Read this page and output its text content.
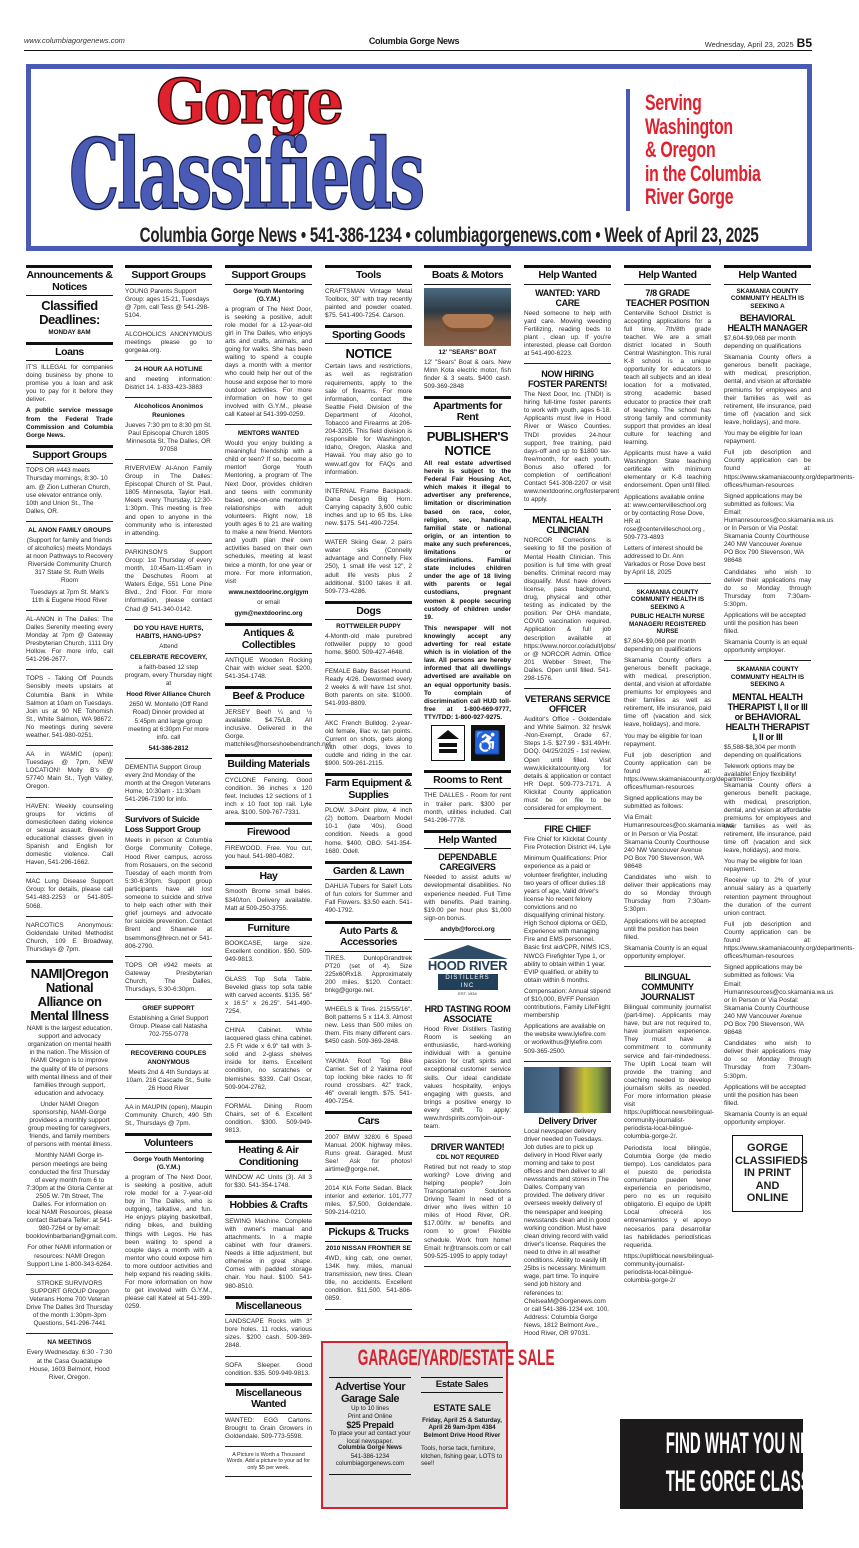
www.columbiagorgenews.com	Columbia Gorge News	Wednesday, April 23, 2025 B5
Gorge
Classifieds
Serving
Washington
& Oregon
in the Columbia
River Gorge
Columbia Gorge News • 541-386-1234 • columbiagorgenews.com • Week of April 23, 2025
Announcements & Notices
Classified Deadlines:
MONDAY 8AM
Loans
IT'S ILLEGAL for companies doing business by phone to promise you a loan and ask you to pay for it before they deliver.
A public service message from the Federal Trade Commission and Columbia Gorge News.
Support Groups
TOPS OR #443 meets Thursday mornings, 8:30- 10 am. @ Zion Lutheran Church, use elevator entrance only. 10th and Union St., The Dalles, OR.
AL ANON FAMILY GROUPS
(Support for family and friends of alcoholics) meets Mondays at noon Pathways to Recovery Riverside Community Church 317 State St. Ruth Wells Room
Tuesdays at 7pm St. Mark's 11th & Eugene Hood River
AL-ANON in The Dalles: The Dalles Serenity meeting every Monday at 7pm @ Gateway Presbyterian Church, 1111 Dry Hollow. For more info, call 541-296-2677.
TOPS - Taking Off Pounds Sensibly meets upstairs at Columbia Bank in White Salmon at 10am on Tuesdays. Join us at 90 NE Tohomish St., White Salmon, WA 98672. No meetings during severe weather. 541-980-0251.
AA in WAMIC (open): Tuesdays @ 7pm, NEW LOCATION! Molly B's @ 57740 Main St., Tygh Valley, Oregon.
HAVEN: Weekly counseling groups for victims of domestic/teen dating violence or sexual assault. Biweekly educational classes given in Spanish and English for domestic violence. Call Haven, 541-296-1662.
MAC Lung Disease Support Group: for details, please call 541-483-2253 or 541-805-5068.
NARCOTICS Anonymous: Goldendale United Methodist Church, 109 E Broadway, Thursdays @ 7pm.
NAMI|Oregon National Alliance on Mental Illness
NAMI is the largest education, support and advocacy organization on mental health in the nation. The Mission of NAMI Oregon is to improve the quality of life of persons with mental illness and of their famillies through support, education and advocacy.
Under NAMI Oregon sponsorship, NAMI-Gorge providees a monthly support group meeting for caregivers, friends, and family members of persons with mental illness.
Monthly NAMI Gorge in-person meetings are being conducted the first Thursday of every month from 6 to 7:30pm at the Gloria Center at 2505 W. 7th Street, The Dalles. For information on local NAMI Resources, please contact Barbara Telfer: at 541-980-7264 or by email: booklovinbarbarian@gmail.com.
For other NAMI information or resources: NAMI Oregon Support Line 1-800-343-6264.
STROKE SURVIVORS SUPPORT GROUP Oregon Veterans Home 700 Veteran Drive The Dalles 3rd Thursday of the month 1:30pm-3pm Questions, 541-296-7441
NA MEETINGS
Every Wednesday. 6:30 - 7:30 at the Casa Guadalupe House, 1603 Belmont, Hood River, Oregon.
Support Groups
YOUNG Parents Support Group: ages 15-21, Tuesdays @ 7pm, call Tess @ 541-298-5104.
ALCOHOLICS ANONYMOUS meetings please go to gorgeaa.org.
24 HOUR AA HOTLINE
and meeting information: District 14. 1-833-423-3883
Alcoholicos Anonimos Reuniones
Jueves 7:30 pm to 8:30 pm St. Paul Episcopal Church 1805 Minnesota St. The Dalles, OR 97058
RIVERVIEW Al-Anon Family Group in The Dalles: Episcopal Church of St. Paul, 1805 Minnesota, Taylor Hall. Meets every Thursday, 12:30-1:30pm. This meeting is free and open to anyone in the community who is interested in attending.
PARKINSON'S Support Group: 1st Thursday of every month, 10:45am-11:45am in the Deschutes Room at Waters Edge, 551 Lone Pine Blvd., 2nd Floor. For more information, please contact Chad @ 541-340-0142.
DO YOU HAVE HURTS, HABITS, HANG-UPS?
Attend
CELEBRATE RECOVERY,
a faith-based 12 step program, every Thursday night at
Hood River Alliance Church
2650 W. Montello (Off Rand Road) Dinner provided at 5:45pm and large group meeting at 6:30pm For more info. call
541-386-2812
DEMENTIA Support Group every 2nd Monday of the month at the Oregon Veterans Home, 10:30am - 11:30am 541-296-7190 for info.
Survivors of Suicide Loss Support Group
Meets in person at Columbia Gorge Community College, Hood River campus, across from Rosauers, on the second Tuesday of each month from 5:30-6:30pm. Support group participants have all lost someone to suicide and strive to help each other with their grief journeys and advocate for suicide prevention. Contact Brent and Shawnee at bsemmons@hrecn.net or 541-806-2790.
TOPS OR #942 meets at Gateway Presbyterian Church, The Dalles, Thursdays, 5:30-6:30pm.
GRIEF SUPPORT
Establishing a Grief Support Group. Please call Natasha 702-755-0778
RECOVERING COUPLES ANONYMOUS
Meets 2nd & 4th Sundays at 10am. 216 Cascade St., Suite 26 Hood River
AA in MAUPIN (open), Maupin Community Church, 490 5th St., Thursdays @ 7pm.
Volunteers
Gorge Youth Mentoring (G.Y.M.)
a program of The Next Door, is seeking a positive, adult role model for a 7-year-old boy in The Dalles, who is outgoing, talkative, and fun. He enjoys playing basketball, riding bikes, and building things with Legos. He has been waiting to spend a couple days a month with a mentor who could expose him to more outdoor activities and help expand his reading skills. For more information on how to get involved with G.Y.M., please call Kateel at 541-399-0259.
Support Groups
Gorge Youth Mentoring (G.Y.M.)
a program of The Next Door, is seeking a positive, adult role model for a 12-year-old girl in The Dalles, who enjoys arts and crafts, animals, and going for walks. She has been waiting to spend a couple days a month with a mentor who could help her out of the house and expose her to more outdoor activities. For more information on how to get involved with G.Y.M., please call Kateel at 541-399-0259.
MENTORS WANTED
Would you enjoy building a meaningful friendship with a child or teen? If so, become a mentor! Gorge Youth Mentoring, a program of The Next Door, provides children and teens with community based, one-on-one mentoring relationships with adult volunteers. Right now, 18 youth ages 6 to 21 are waiting to make a new friend. Mentors and youth plan their own activities based on their own schedules, meeting at least twice a month, for one year or more. For more information, visit
www.nextdoorinc.org/gym
or email
gym@nextdoorinc.org
Antiques & Collectibles
ANTIQUE Wooden Rocking Chair with wicker seat. $200. 541-354-1748.
Beef & Produce
JERSEY Beef! ¼ and ½ available. $4.75/LB. All inclusive. Delivered in the Gorge. mattchiles@horseshoebendranch.net
Building Materials
CYCLONE Fencing. Good condition. 36 inches x 120 feet. Includes 12 sections of 1 inch x 10 foot top rail. Lyle area. $100. 509-767-7331.
Firewood
FIREWOOD. Free. You cut, you haul. 541-980-4082.
Hay
Smooth Brome small bales. $340/ton. Delivery available. Matt at 509-250-3755.
Furniture
BOOKCASE, large size. Excellent condition. $50. 509-949-9813.
GLASS Top Sofa Table. Beveled glass top sofa table with carved accents. $135. 56" x 16.5" x 26.25". 541-490-7254.
CHINA Cabinet. White lacquered glass china cabinet. 2.5 Ft wide x 6.9" tall with 3-solid and 2-glass shelves inside for items. Excellent condition, no scratches or blemishes. $339. Call Oscar, 509-904-2762.
FORMAL Dining Room Chairs, set of 6. Excellent condition. $300. 509-949-9813.
Heating & Air Conditioning
WINDOW AC Units (3). All 3 for $30. 541-354-1748.
Hobbies & Crafts
SEWING Machine. Complete with owner's manual and attachments. In a maple cabinet with four drawers. Needs a little adjustment, but otherwise in great shape. Comes with padded storage chair. You haul. $100. 541-980-8510.
Miscellaneous
LANDSCAPE Rocks with 3" bore holes. 11 rocks, various sizes. $200 cash. 509-369-2848.
SOFA Sleeper. Good condition. $35. 509-949-9813.
Miscellaneous Wanted
WANTED: EGG Cartons. Brought to Grain Growers in Goldendale. 509-773-5598.
A Picture is Worth a Thousand Words. Add a picture to your ad for only $5 per week.
Tools
CRAFTSMAN Vintage Metal Toolbox, 30" with tray recently painted and powder coated. $75. 541-490-7254. Carson.
Sporting Goods
NOTICE
Certain laws and restrictions, as well as registration requirements, apply to the sale of firearms. For more information, contact the Seattle Field Division of the Department of Alcohol, Tobacco and Firearms at 206-204-3205. This field division is responsible for Washington, Idaho, Oregon, Alaska and Hawaii. You may also go to www.atf.gov for FAQs and information.
INTERNAL Frame Backpack. Dana Design Big Horn. Carrying capacity 3,600 cubic inches and up to 65 lbs. Like new. $175. 541-490-7254.
WATER Skiing Gear. 2 pairs water skis (Connelly advantage and Connelly Flex 250), 1 small life vest 12", 2 adult life vests plus 2 additional. $100 takes it all. 509-773-4286.
Dogs
ROTTWEILER PUPPY
4-Month-old male purebred rottweiler puppy to good home. $600. 509-427-4648.
FEMALE Baby Basset Hound. Ready 4/26. Dewormed every 2 weeks & will have 1st shot. Both parents on site. $1000. 541-993-8809.
AKC French Bulldog. 2-year-old female, lilac w. tan points. Current on shots, gets along with other dogs, loves to cuddle and riding in the car. $900. 509-261-2115.
Farm Equipment & Supplies
PLOW. 3-Point plow, 4 inch (2) bottom. Dearborn Model 10-1 (late '40s). Good condition. Needs a good home. $400. OBO. 541-354-1680. Odell.
Garden & Lawn
DAHLIA Tubers for Sale!! Lots of fun colors for Summer and Fall Flowers. $3.50 each. 541-490-1792.
Auto Parts & Accessories
TIRES. DunlopGrandtrek PT20 (set of 4). Size 225x60Rx18. Approximately 200 miles. $120. Contact: bnkg@gorge.net.
WHEELS & Tires. 215/55/16". Bolt patterns 5 x 114.3. Almost new. Less than 500 miles on them. Fits many different cars. $450 cash. 509-369-2848.
YAKIMA Roof Top Bike Carrier. Set of 2 Yakima roof top locking bike racks to fit round crossbars. 42" track, 46" overall length. $75. 541-490-7254.
Cars
2007 BMW 328Xi 6 Speed Manual. 200K highway miles. Runs great. Garaged. Must See! Ask for photos! airtime@gorge.net.
2014 KIA Forte Sedan. Black interior and exterior. 101,777 miles. $7,500. Goldendale. 509-214-0210.
Pickups & Trucks
2010 NISSAN FRONTIER SE
4WD, king cab, one owner, 134K hwy. miles, manual transmission, new tires. Clean title, no accidents. Excellent condition. $11,500. 541-806-0859.
Boats & Motors
12' "SEARS" BOAT
12' "Sears" Boat & oars. New Minn Kota electric motor, fish finder & 3 seats. $400 cash. 509-369-2848
Apartments for Rent
PUBLISHER'S NOTICE
All real estate advertised herein is subject to the Federal Fair Housing Act, which makes it illegal to advertiser any preference, limitation or discrimination based on race, color, religion, sec, handicap, familial state or national origin, or an intention to make any such preferences, limitations or discriminations. Familial state includes children under the age of 18 living with parents or legal custodians, pregnant women & people securing custody of children under 19.
This newspaper will not knowingly accept any adverting for real estate which is in violation of the law. All persons are hereby informed that all dwellings advertised are available on an equal opportunity basis. To complain of discrimination call HUD toll-free at 1-800-669-9777, TTY/TDD: 1-800-927-9275.
♿
Rooms to Rent
THE DALLES - Room for rent in trailer park. $300 per month, utilities included. Call 541-296-7778.
Help Wanted
DEPENDABLE CAREGIVERS
Needed to assist adults w/ developmental disabilities. No experience needed. Full Time with benefits. Paid training. $19.00 per hour plus $1,000 sign-on bonus.
andyb@forcci.org
HOOD RIVER
DISTILLERS INC
EST. 1934
HRD TASTING ROOM ASSOCIATE
Hood River Distillers Tasting Room is seeking an enthusiastic, hard-working individual with a genuine passion for craft spirits and exceptional customer service skills. Our ideal candidate values hospitality, enjoys engaging with guests, and brings a positive energy to every shift. To apply: www.hrdspirits.com/join-our-team.
DRIVER WANTED!
CDL NOT REQUIRED
Retired but not ready to stop working? Love driving and helping people? Join Transportation Solutions Driving Team! In need of a driver who lives within 10 miles of Hood River, OR. $17.00/hr. w/ benefits and room to grow! Flexible schedule. Work from home! Email: hr@transols.com or call 509-525-1995 to apply today!
Help Wanted
WANTED: YARD CARE
Need someone to help with yard care. Mowing weeding Fertilizing, reading beds to plant , clean up. If you're interested, please call Gordon at 541-490-6223.
NOW HIRING FOSTER PARENTS!
The Next Door, Inc. (TNDI) is hiring full-time foster parents to work with youth, ages 6-18. Applicants must live in Hood River or Wasco Counties. TNDI provides 24-hour support, free training, paid days-off and up to $1800 tax-free/month, for each youth. Bonus also offered for completion of certification! Contact 541-308-2207 or visit www.nextdoorinc.org/fosterparent to apply.
MENTAL HEALTH CLINICIAN
NORCOR Corrections is seeking to fill the position of Mental Health Clinician. This position is full time with great benefits. Criminal record may disqualify. Must have drivers license, pass background, drug, physical and other testing as indicated by the position. Per OHA mandate, COVID vaccination required. Application & full job description available at https://www.norcor.co/adult/jobs/ or @ NORCOR Admin. Office 201 Webber Street, The Dalles. Open until filled. 541-298-1576.
VETERANS SERVICE OFFICER
Auditor's Office - Goldendale and White Salmon. 32 hrs/wk -Non-Exempt, Grade 67, Steps 1-5. $27.99 - $31.49/Hr. DOQ. 04/25/2025 - 1st review. Open until filled. Visit www.klickitatcounty.org for details & application or contact HR Dept. 509-773-7171. A Klickitat County application must be on file to be considered for employment.
FIRE CHIEF
Fire Chief for Klickitat County Fire Protection District #4, Lyle
Minimum Qualifications: Prior experience as a paid or volunteer firefighter, including two years of officer duties.18 years of age, Valid driver's license No recent felony convictions and no disqualifying criminal history. High School diploma or GED, Experience with managing Fire and EMS personnel. Basic first aid/CPR, NIMS ICS, NWCG Firefighter Type 1, or ability to obtain within 1 year. EVIP qualified, or ability to obtain within 6 months.
Compensation: Annual stipend of $10,000, BVFF Pension contributions, Family LifeFlight membership
Applications are available on the website www.lylefire.com or workwithus@lylefire.com 509-365-2500.
Delivery Driver
Local newspaper delivery driver needed on Tuesdays. Job duties are to pick up delivery in Hood River early morning and take to post offices and then deliver to all newsstands and stores in The Dalles. Company van provided. The delivery driver oversees weekly delivery of the newspaper and keeping newsstands clean and in good working condition. Must have clean driving record with valid driver's license. Requires the need to drive in all weather conditions. Ability to easily lift 25lbs is necessary. Minimum wage, part time. To inquire send job history and references to: ChelseaM@Gorgenews.com or call 541-386-1234 ext. 100. Address: Columbia Gorge News, 1812 Belmont Ave., Hood River, OR 97031.
Help Wanted
7/8 GRADE TEACHER POSITION
Centerville School District is accepting applications for a full time, 7th/8th grade teacher. We are a small district located in South Central Washington. This rural K-8 school is a unique opportunity for educators to teach all subjects and an ideal location for a motivated, strong academic based educator to practice their craft of teaching. The school has strong family and community support that provides an ideal culture for teaching and learning.
Applicants must have a valid Washington State teaching certificate with minimum elementary or K-8 teaching endorsement. Open until filled.
Applications available online at: www.centervilleschool.org or by contacting Rose Dove, HR at rose@centervilleschool.org , 509-773-4893
Letters of interest should be addressed to Dr. Ann Varkados or Rose Dove best by April 18, 2025
SKAMANIA COUNTY COMMUNITY HEALTH IS SEEKING A
PUBLIC HEALTH NURSE MANAGER/ REGISTERED NURSE
$7,604-$9,068 per month depending on qualifications
Skamania County offers a generous benefit package, with medical, prescription, dental, and vision at affordable premiums for employees and their families as well as retirement, life insurance, paid time off (vacation and sick leave, holidays), and more.
You may be eligible for loan repayment.
Full job description and County application can be found at: https://www.skamaniacounty.org/departments-offices/human-resources
Signed applications may be submitted as follows:
Via Email: Humanresources@co.skamania.wa.us or In Person or Via Postal: Skamania County Courthouse 240 NW Vancouver Avenue PO Box 790 Stevenson, WA 98648
Candidates who wish to deliver their applications may do so Monday through Thursday from 7:30am-5:30pm.
Applications will be accepted until the position has been filled.
Skamania County is an equal opportunity employer.
BILINGUAL COMMUNITY JOURNALIST
Bilingual community journalist (part-time). Applicants may have, but are not required to, have journalism experience. They must have a commitment to community service and fair-mindedness. The Uplift Local team will provide the training and coaching needed to develop journalism skills as needed. For more information please visit https://upliftlocal.news/bilingual-community-journalist-periodista-local-bilingue-columbia-gorge-2/.
Periodista local bilingüe, Columbia Gorge (de medio tiempo). Los candidatos para el puesto de periodista comunitario pueden tener experiencia en periodismo, pero no es un requisito obligatorio. El equipo de Uplift Local ofrecerá los entrenamientos y el apoyo necesarios para desarrollar las habilidades periodísticas requerida.
https://upliftlocal.news/bilingual-community-journalist-periodista-local-bilingue-columbia-gorge-2/
Help Wanted
SKAMANIA COUNTY COMMUNITY HEALTH IS SEEKING A
BEHAVIORAL HEALTH MANAGER
$7,604-$9,068 per month depending on qualifications
Skamania County offers a generous benefit package, with medical, prescription, dental, and vision at affordable premiums for employees and their families as well as retirement, life insurance, paid time off (vacation and sick leave, holidays), and more.
You may be eligible for loan repayment.
Full job description and County application can be found at: https://www.skamaniacounty.org/departments-offices/human-resources
Signed applications may be submitted as follows: Via Email: Humanresources@co.skamania.wa.us or In Person or Via Postal: Skamania County Courthouse 240 NW Vancouver Avenue PO Box 790 Stevenson, WA 98648
Candidates who wish to deliver their applications may do so Monday through Thursday from 7:30am-5:30pm.
Applications will be accepted until the position has been filled.
Skamania County is an equal opportunity employer.
SKAMANIA COUNTY COMMUNITY HEALTH IS SEEKING A
MENTAL HEALTH THERAPIST I, II or III or BEHAVIORAL HEALTH THERAPIST I, II or III
$5,588-$8,304 per month depending on qualifications
Telework options may be available! Enjoy flexibility!
Skamania County offers a generous benefit package, with medical, prescription, dental, and vision at affordable premiums for employees and their families as well as retirement, life insurance, paid time off (vacation and sick leave, holidays), and more.
You may be eligible for loan repayment.
Receive up to 2% of your annual salary as a quarterly retention payment throughout the duration of the current union contract.
Full job description and County application can be found at: https://www.skamaniacounty.org/departments-offices/human-resources
Signed applications may be submitted as follows: Via Email: Humanresources@co.skamania.wa.us or In Person or Via Postal: Skamania County Courthouse 240 NW Vancouver Avenue PO Box 790 Stevenson, WA 98648
Candidates who wish to deliver their applications may do so Monday through Thursday from 7:30am-5:30pm.
Applications will be accepted until the position has been filled.
Skamania County is an equal opportunity employer.
GORGE CLASSIFIEDS IN PRINT AND ONLINE
GARAGE/YARD/ESTATE SALE
Advertise Your Garage Sale
Up to 10 lines
Print and Online
$25 Prepaid
To place your ad contact your local newspaper.
Columbia Gorge News
541-386-1234
columbiagorgenews.com
Estate Sales
ESTATE SALE
Friday, April 25 & Saturday, April 26 9am-3pm 4384 Belmont Drive Hood River
Tools, horse tack, furniture, kitchen, fishing gear, LOTS to see!!
FIND WHAT YOU NEED IN
THE GORGE CLASSIFIEDS
